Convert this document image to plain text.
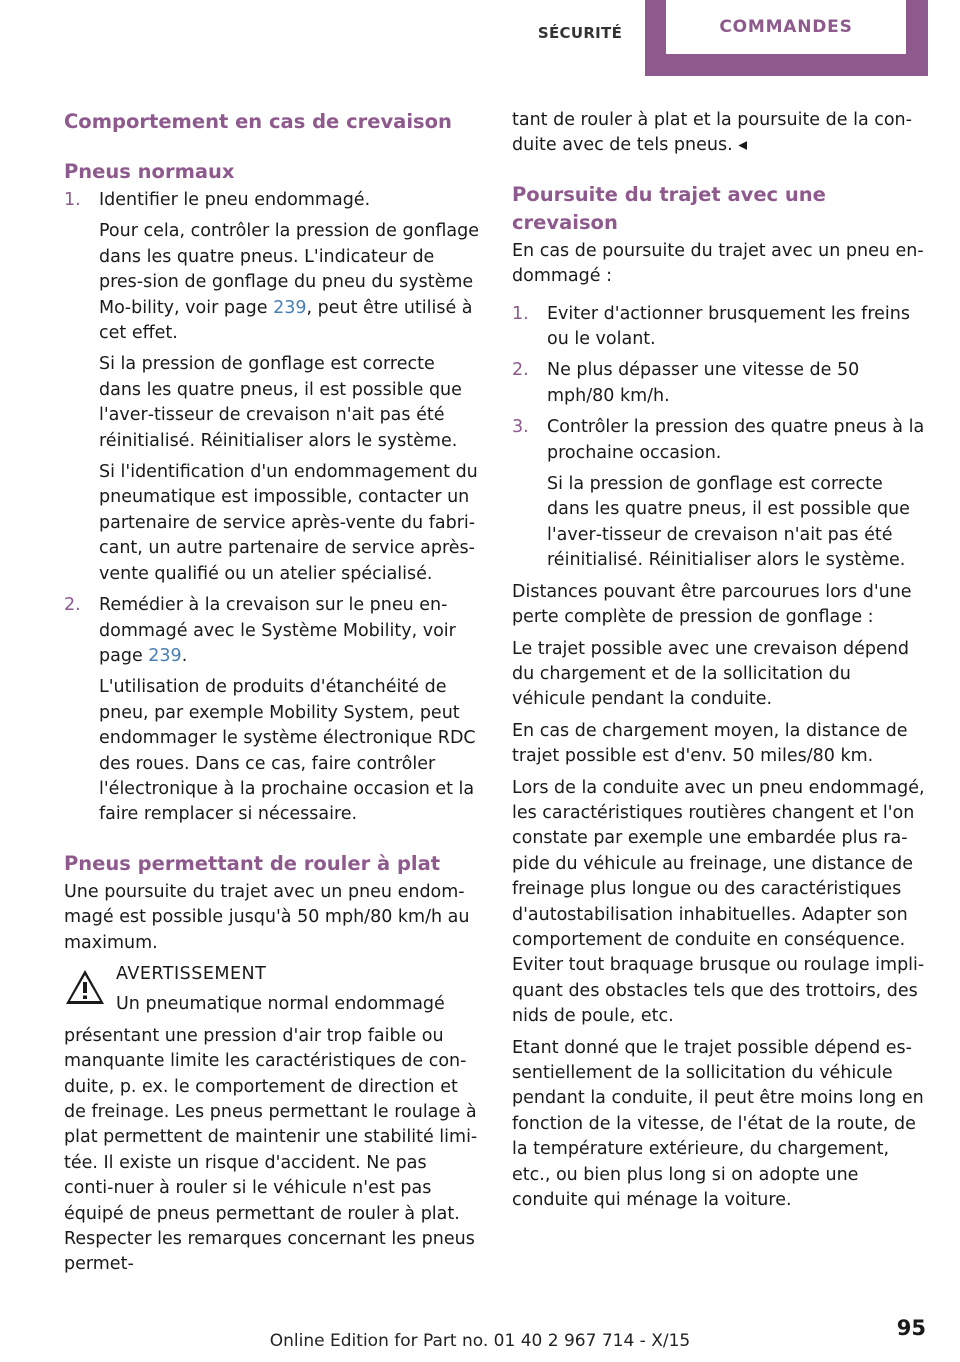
SÉCURITÉ	COMMANDES
Comportement en cas de crevaison
Pneus normaux
1. Identifier le pneu endommagé.

Pour cela, contrôler la pression de gonflage dans les quatre pneus. L'indicateur de pres‐sion de gonflage du pneu du système Mo‐bility, voir page 239, peut être utilisé à cet effet.

Si la pression de gonflage est correcte dans les quatre pneus, il est possible que l'aver‐tisseur de crevaison n'ait pas été réinitialisé. Réinitialiser alors le système.

Si l'identification d'un endommagement du pneumatique est impossible, contacter un partenaire de service après-vente du fabri‐cant, un autre partenaire de service après-vente qualifié ou un atelier spécialisé.

2. Remédier à la crevaison sur le pneu en‐dommagé avec le Système Mobility, voir page 239.

L'utilisation de produits d'étanchéité de pneu, par exemple Mobility System, peut endommager le système électronique RDC des roues. Dans ce cas, faire contrôler l'électronique à la prochaine occasion et la faire remplacer si nécessaire.

Pneus permettant de rouler à plat

Une poursuite du trajet avec un pneu endom‐magé est possible jusqu'à 50 mph/80 km/h au maximum.

AVERTISSEMENT

Un pneumatique normal endommagé

présentant une pression d'air trop faible ou manquante limite les caractéristiques de con‐duite, p. ex. le comportement de direction et de freinage. Les pneus permettant le roulage à plat permettent de maintenir une stabilité limi‐tée. Il existe un risque d'accident. Ne pas conti‐nuer à rouler si le véhicule n'est pas équipé de pneus permettant de rouler à plat. Respecter les remarques concernant les pneus permet‐

tant de rouler à plat et la poursuite de la con‐duite avec de tels pneus. ◂

Poursuite du trajet avec une crevaison

En cas de poursuite du trajet avec un pneu en‐dommagé :

1. Eviter d'actionner brusquement les freins ou le volant.

2. Ne plus dépasser une vitesse de 50 mph/80 km/h.

3. Contrôler la pression des quatre pneus à la prochaine occasion.

Si la pression de gonflage est correcte dans les quatre pneus, il est possible que l'aver‐tisseur de crevaison n'ait pas été réinitialisé. Réinitialiser alors le système.

Distances pouvant être parcourues lors d'une perte complète de pression de gonflage :

Le trajet possible avec une crevaison dépend du chargement et de la sollicitation du véhicule pendant la conduite.

En cas de chargement moyen, la distance de trajet possible est d'env. 50 miles/80 km.

Lors de la conduite avec un pneu endommagé, les caractéristiques routières changent et l'on constate par exemple une embardée plus ra‐pide du véhicule au freinage, une distance de freinage plus longue ou des caractéristiques d'autostabilisation inhabituelles. Adapter son comportement de conduite en conséquence. Eviter tout braquage brusque ou roulage impli‐quant des obstacles tels que des trottoirs, des nids de poule, etc.

Etant donné que le trajet possible dépend es‐sentiellement de la sollicitation du véhicule pendant la conduite, il peut être moins long en fonction de la vitesse, de l'état de la route, de la température extérieure, du chargement, etc., ou bien plus long si on adopte une conduite qui ménage la voiture.

95
Online Edition for Part no. 01 40 2 967 714 - X/15
